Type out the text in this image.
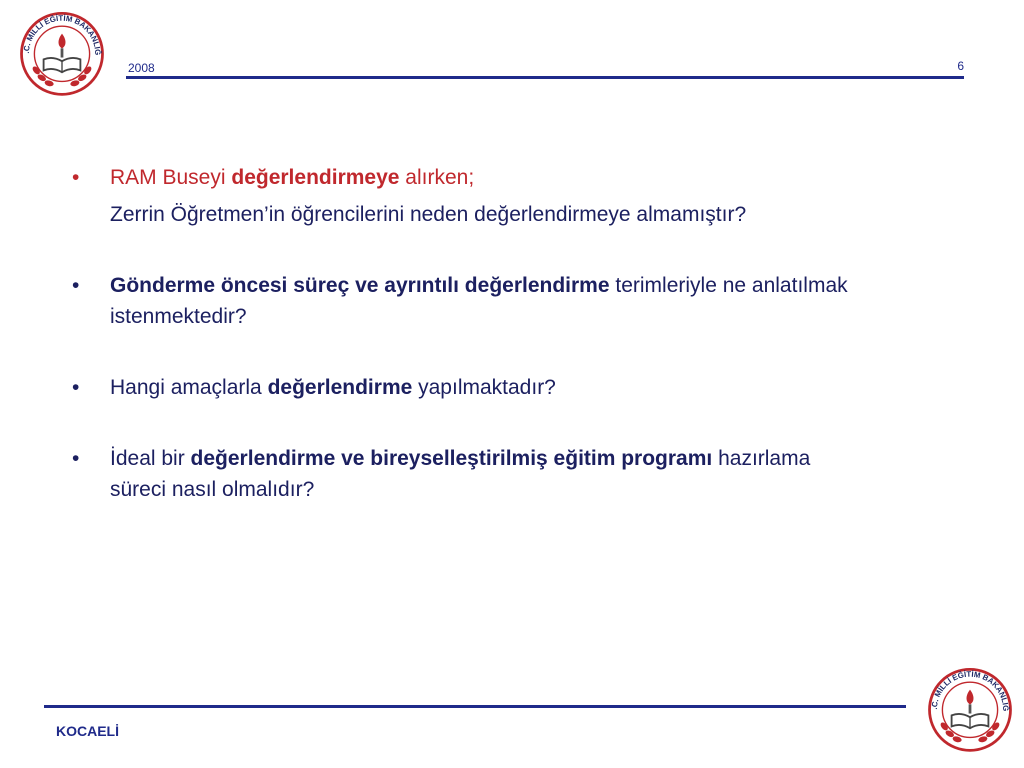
.C. MİLLİ EĞİTİM BAKANLIĞ
2008	6
• RAM Buseyi değerlendirmeye alırken;
Zerrin Öğretmen’in öğrencilerini neden değerlendirmeye almamıştır?
• Gönderme öncesi süreç ve ayrıntılı değerlendirme terimleriyle ne anlatılmak istenmektedir?
• Hangi amaçlarla değerlendirme yapılmaktadır?
• İdeal bir değerlendirme ve bireyselleştirilmiş eğitim programı hazırlama süreci nasıl olmalıdır?
KOCAELİ
.C. MİLLİ EĞİTİM BAKANLIĞ
